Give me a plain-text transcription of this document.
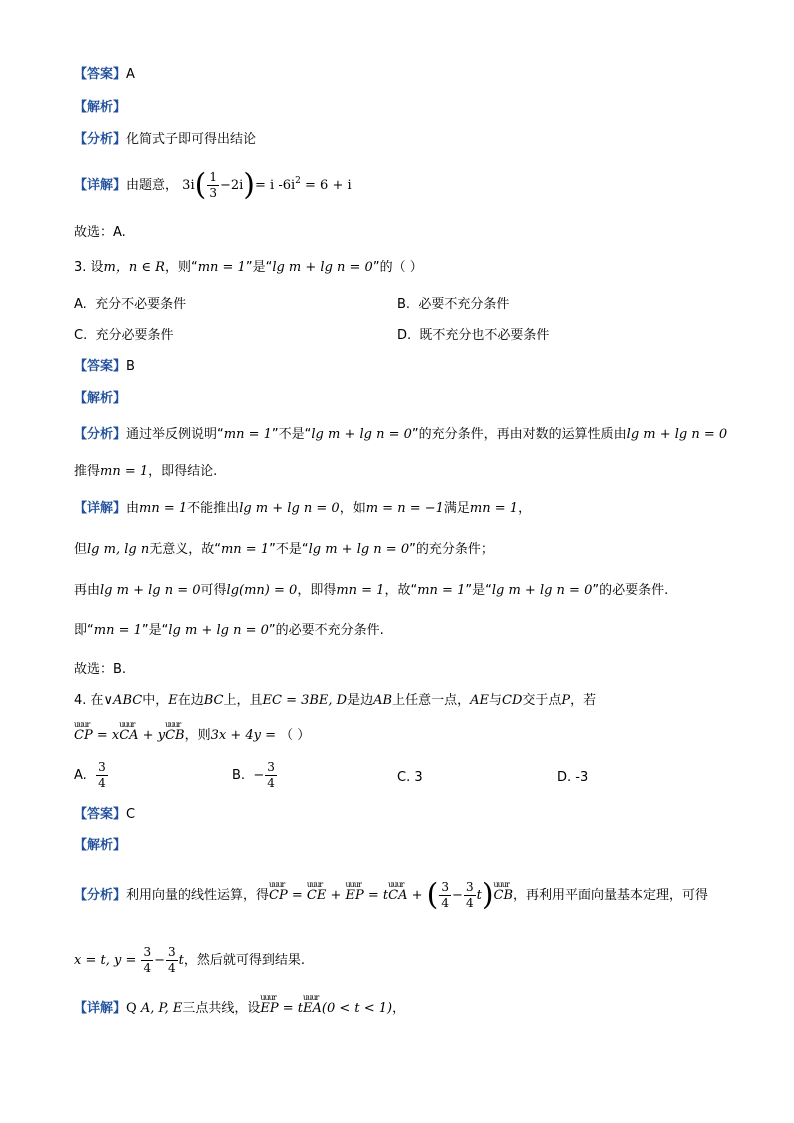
【答案】A
【解析】
【分析】化简式子即可得出结论
【详解】由题意， $3i( \frac{1}{3} -2i)= i$ $-6i^2 = 6 + i$
故选：A.
3. 设m，n ∈ R，则“mn = 1”是“lg m + lg n = 0”的（ ）
A. 充分不必要条件	B. 必要不充分条件
C. 充分必要条件	D. 既不充分也不必要条件
【答案】B
【解析】
【分析】通过举反例说明“mn = 1”不是“lg m + lg n = 0”的充分条件，再由对数的运算性质由lg m + lg n = 0
推得mn = 1，即得结论.
【详解】由mn = 1不能推出lg m + lg n = 0，如m = n = −1满足mn = 1，
但lg m, lg n无意义，故“mn = 1”不是“lg m + lg n = 0”的充分条件；
再由lg m + lg n = 0可得lg(mn) = 0，即得mn = 1，故“mn = 1”是“lg m + lg n = 0”的必要条件.
即“mn = 1”是“lg m + lg n = 0”的必要不充分条件.
故选：B.
4. 在∨ABC中，E在边BC上，且EC = 3BE, D是边AB上任意一点，AE与CD交于点P，若
uuur CP = xuuur CA + yuuur CB，则3x + 4y = （ ）
A. $\frac{3}{4}$	B. − $\frac{3}{4}$	C. 3	D. -3
【答案】C
【解析】
【分析】利用向量的线性运算，得uuur CP = uuur CE + uuur EP = tuuur CA + ( $\frac{3}{4} - \frac{3}{4}$ t)uuur CB，再利用平面向量基本定理，可得
x = t, $y = \frac{3}{4} - \frac{3}{4}$ t，然后就可得到结果.
【详解】Q A, P, E三点共线，设uuur EP = tuuur EA(0 < t < 1)，
